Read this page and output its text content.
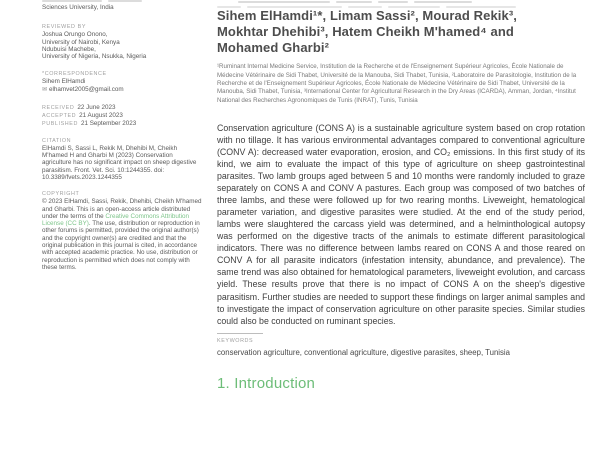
Sciences University, India
REVIEWED BY
Joshua Orungo Onono,
University of Nairobi, Kenya
Ndubuisi Machebe,
University of Nigeria, Nsukka, Nigeria
*CORRESPONDENCE
Sihem ElHamdi
✉ elhamvet2005@gmail.com
RECEIVED 22 June 2023
ACCEPTED 21 August 2023
PUBLISHED 21 September 2023
CITATION
ElHamdi S, Sassi L, Rekik M, Dhehibi M, Cheikh M'hamed H and Gharbi M (2023) Conservation agriculture has no significant impact on sheep digestive parasitism. Front. Vet. Sci. 10:1244355. doi: 10.3389/fvets.2023.1244355
COPYRIGHT
© 2023 ElHamdi, Sassi, Rekik, Dhehibi, Cheikh M'hamed and Gharbi. This is an open-access article distributed under the terms of the Creative Commons Attribution License (CC BY). The use, distribution or reproduction in other forums is permitted, provided the original author(s) and the copyright owner(s) are credited and that the original publication in this journal is cited, in accordance with accepted academic practice. No use, distribution or reproduction is permitted which does not comply with these terms.
Sihem ElHamdi¹*, Limam Sassi², Mourad Rekik³,
Mokhtar Dhehibi³, Hatem Cheikh M'hamed⁴ and
Mohamed Gharbi²
¹Ruminant Internal Medicine Service, Institution de la Recherche et de l'Enseignement Supérieur Agricoles, École Nationale de Médecine Vétérinaire de Sidi Thabet, Université de la Manouba, Sidi Thabet, Tunisia, ²Laboratoire de Parasitologie, Institution de la Recherche et de l'Enseignement Supérieur Agricoles, École Nationale de Médecine Vétérinaire de Sidi Thabet, Université de la Manouba, Sidi Thabet, Tunisia, ³International Center for Agricultural Research in the Dry Areas (ICARDA), Amman, Jordan, ⁴Institut National des Recherches Agronomiques de Tunis (INRAT), Tunis, Tunisia
Conservation agriculture (CONS A) is a sustainable agriculture system based on crop rotation with no tillage. It has various environmental advantages compared to conventional agriculture (CONV A): decreased water evaporation, erosion, and CO₂ emissions. In this first study of its kind, we aim to evaluate the impact of this type of agriculture on sheep gastrointestinal parasites. Two lamb groups aged between 5 and 10 months were randomly included to graze separately on CONS A and CONV A pastures. Each group was composed of two batches of three lambs, and these were followed up for two rearing months. Liveweight, hematological parameter variation, and digestive parasites were studied. At the end of the study period, lambs were slaughtered the carcass yield was determined, and a helminthological autopsy was performed on the digestive tracts of the animals to estimate different parasitological indicators. There was no difference between lambs reared on CONS A and those reared on CONV A for all parasite indicators (infestation intensity, abundance, and prevalence). The same trend was also obtained for hematological parameters, liveweight evolution, and carcass yield. These results prove that there is no impact of CONS A on the sheep's digestive parasitism. Further studies are needed to support these findings on larger animal samples and to investigate the impact of conservation agriculture on other parasite species. Similar studies could also be conducted on ruminant species.
KEYWORDS
conservation agriculture, conventional agriculture, digestive parasites, sheep, Tunisia
1. Introduction
